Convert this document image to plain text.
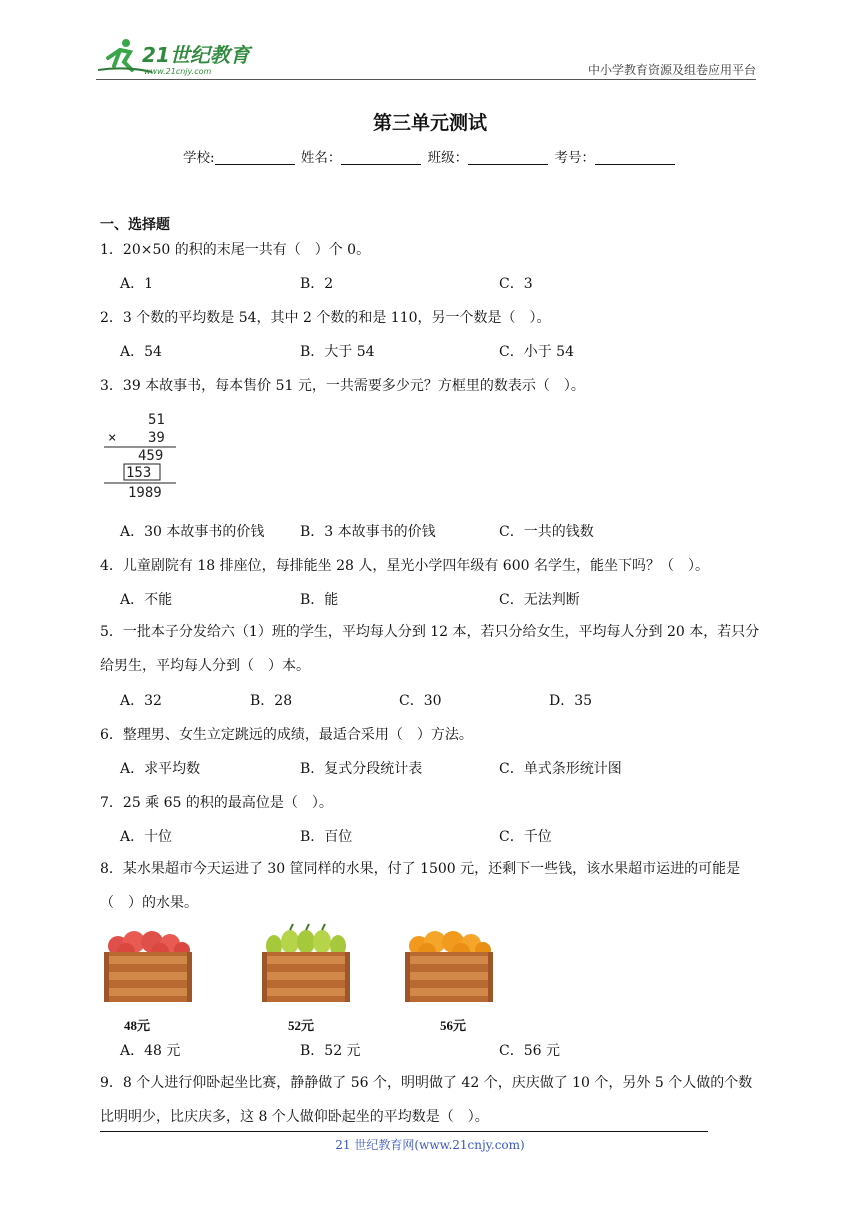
21世纪教育
www.21cnjy.com	中小学教育资源及组卷应用平台
第三单元测试
学校:	姓名：	班级：	考号：
一、选择题
1．20×50 的积的末尾一共有（　）个 0。
A．1	B．2	C．3
2．3 个数的平均数是 54，其中 2 个数的和是 110，另一个数是（　）。
A．54	B．大于 54	C．小于 54
3．39 本故事书，每本售价 51 元，一共需要多少元？方框里的数表示（　）。
51
× 39
459
153
1989
A．30 本故事书的价钱	B．3 本故事书的价钱	C．一共的钱数
4．儿童剧院有 18 排座位，每排能坐 28 人，星光小学四年级有 600 名学生，能坐下吗？（　）。
A．不能	B．能	C．无法判断
5．一批本子分发给六（1）班的学生，平均每人分到 12 本，若只分给女生，平均每人分到 20 本，若只分给男生，平均每人分到（　）本。
A．32	B．28	C．30	D．35
6．整理男、女生立定跳远的成绩，最适合采用（　）方法。
A．求平均数	B．复式分段统计表	C．单式条形统计图
7．25 乘 65 的积的最高位是（　）。
A．十位	B．百位	C．千位
8．某水果超市今天运进了 30 筐同样的水果，付了 1500 元，还剩下一些钱，该水果超市运进的可能是（　）的水果。
48元	52元	56元
A．48 元	B．52 元	C．56 元
9．8 个人进行仰卧起坐比赛，静静做了 56 个，明明做了 42 个，庆庆做了 10 个，另外 5 个人做的个数比明明少，比庆庆多，这 8 个人做仰卧起坐的平均数是（　）。
21 世纪教育网(www.21cnjy.com)
